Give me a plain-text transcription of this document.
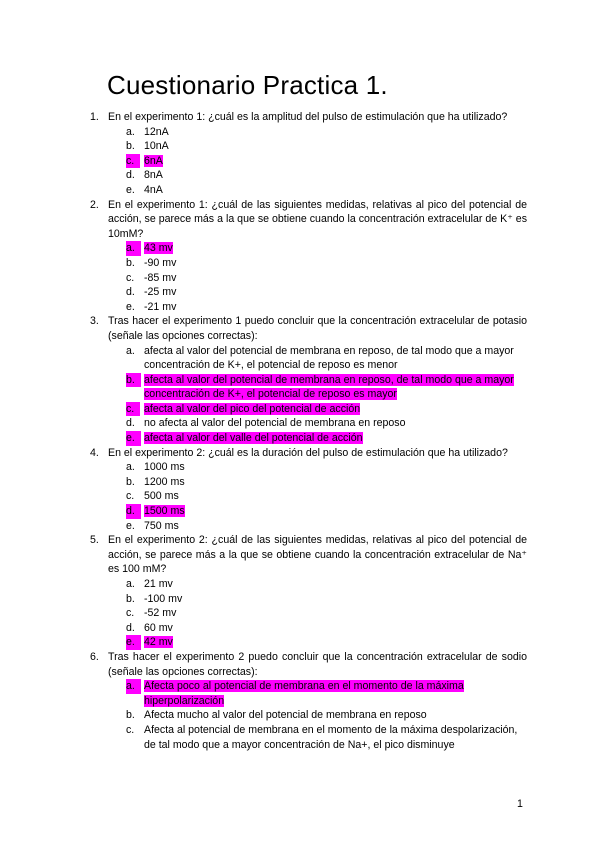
Cuestionario Practica 1.
1. En el experimento 1: ¿cuál es la amplitud del pulso de estimulación que ha utilizado?
a. 12nA
b. 10nA
c. 6nA
d. 8nA
e. 4nA
2. En el experimento 1: ¿cuál de las siguientes medidas, relativas al pico del potencial de acción, se parece más a la que se obtiene cuando la concentración extracelular de K⁺ es 10mM?
a. 43 mv
b. -90 mv
c. -85 mv
d. -25 mv
e. -21 mv
3. Tras hacer el experimento 1 puedo concluir que la concentración extracelular de potasio (señale las opciones correctas):
a. afecta al valor del potencial de membrana en reposo, de tal modo que a mayor concentración de K+, el potencial de reposo es menor
b. afecta al valor del potencial de membrana en reposo, de tal modo que a mayor concentración de K+, el potencial de reposo es mayor
c. afecta al valor del pico del potencial de acción
d. no afecta al valor del potencial de membrana en reposo
e. afecta al valor del valle del potencial de acción
4. En el experimento 2: ¿cuál es la duración del pulso de estimulación que ha utilizado?
a. 1000 ms
b. 1200 ms
c. 500 ms
d. 1500 ms
e. 750 ms
5. En el experimento 2: ¿cuál de las siguientes medidas, relativas al pico del potencial de acción, se parece más a la que se obtiene cuando la concentración extracelular de Na⁺ es 100 mM?
a. 21 mv
b. -100 mv
c. -52 mv
d. 60 mv
e. 42 mv
6. Tras hacer el experimento 2 puedo concluir que la concentración extracelular de sodio (señale las opciones correctas):
a. Afecta poco al potencial de membrana en el momento de la máxima hiperpolarización
b. Afecta mucho al valor del potencial de membrana en reposo
c. Afecta al potencial de membrana en el momento de la máxima despolarización, de tal modo que a mayor concentración de Na+, el pico disminuye
1
